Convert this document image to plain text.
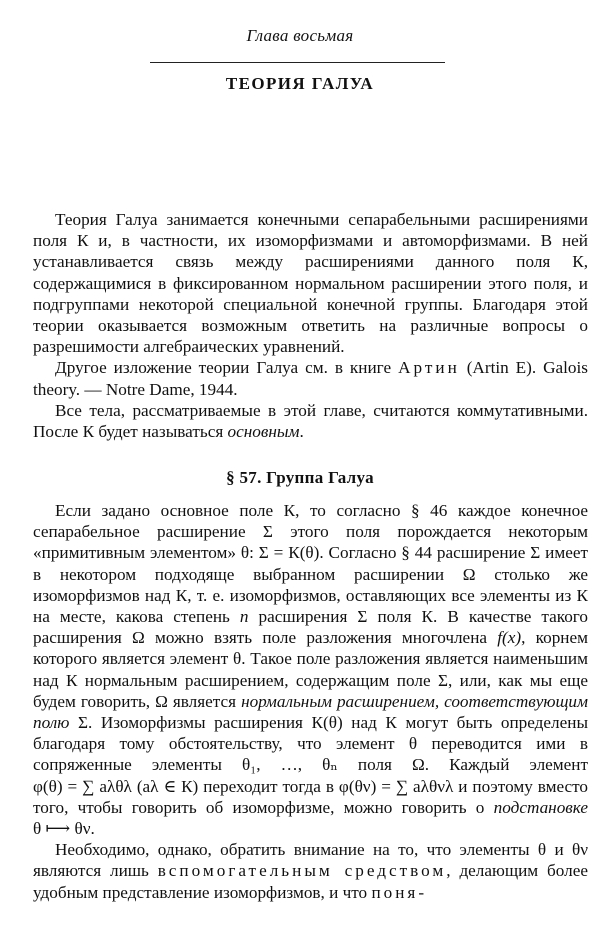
Глава восьмая
ТЕОРИЯ ГАЛУА

Теория Галуа занимается конечными сепарабельными расширениями поля К и, в частности, их изоморфизмами и автоморфизмами. В ней устанавливается связь между расширениями данного поля К, содержащимися в фиксированном нормальном расширении этого поля, и подгруппами некоторой специальной конечной группы. Благодаря этой теории оказывается возможным ответить на различные вопросы о разрешимости алгебраических уравнений.

Другое изложение теории Галуа см. в книге Артин (Artin E). Galois theory. — Notre Dame, 1944.

Все тела, рассматриваемые в этой главе, считаются коммутативными. После К будет называться основным.

§ 57. Группа Галуа

Если задано основное поле К, то согласно § 46 каждое конечное сепарабельное расширение Σ этого поля порождается некоторым «примитивным элементом» θ: Σ = К(θ). Согласно § 44 расширение Σ имеет в некотором подходяще выбранном расширении Ω столько же изоморфизмов над К, т. е. изоморфизмов, оставляющих все элементы из К на месте, какова степень n расширения Σ поля К. В качестве такого расширения Ω можно взять поле разложения многочлена f(x), корнем которого является элемент θ. Такое поле разложения является наименьшим над К нормальным расширением, содержащим поле Σ, или, как мы еще будем говорить, Ω является нормальным расширением, соответствующим полю Σ. Изоморфизмы расширения К(θ) над К могут быть определены благодаря тому обстоятельству, что элемент θ переводится ими в сопряженные элементы θ₁, …, θₙ поля Ω. Каждый элемент φ(θ) = ∑ aλθλ (aλ ∈ К) переходит тогда в φ(θν) = ∑ aλθνλ и поэтому вместо того, чтобы говорить об изоморфизме, можно говорить о подстановке θ ⟼ θν.

Необходимо, однако, обратить внимание на то, что элементы θ и θν являются лишь вспомогательным средством, делающим более удобным представление изоморфизмов, и что поня-
